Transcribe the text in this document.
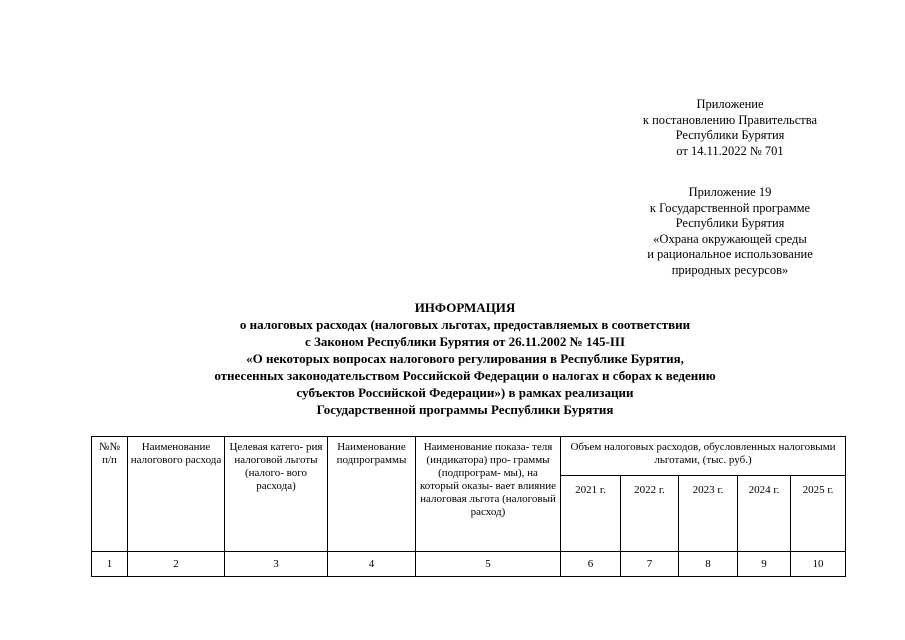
Приложение
к постановлению Правительства
Республики Бурятия
от 14.11.2022 № 701
Приложение 19
к Государственной программе
Республики Бурятия
«Охрана окружающей среды
и рациональное использование
природных ресурсов»
ИНФОРМАЦИЯ
о налоговых расходах (налоговых льготах, предоставляемых в соответствии
с Законом Республики Бурятия от 26.11.2002 № 145-III
«О некоторых вопросах налогового регулирования в Республике Бурятия,
отнесенных законодательством Российской Федерации о налогах и сборах к ведению
субъектов Российской Федерации») в рамках реализации
Государственной программы Республики Бурятия
№№ п/п	Наименование налогового расхода	Целевая катего- рия налоговой льготы (налого- вого расхода)	Наименование подпрограммы	Наименование показа- теля (индикатора) про- граммы (подпрограм- мы), на который оказы- вает влияние налоговая льгота (налоговый расход)	Объем налоговых расходов, обусловленных налоговыми льготами, (тыс. руб.)				
					2021 г.	2022 г.	2023 г.	2024 г.	2025 г.
1	2	3	4	5	6	7	8	9	10
